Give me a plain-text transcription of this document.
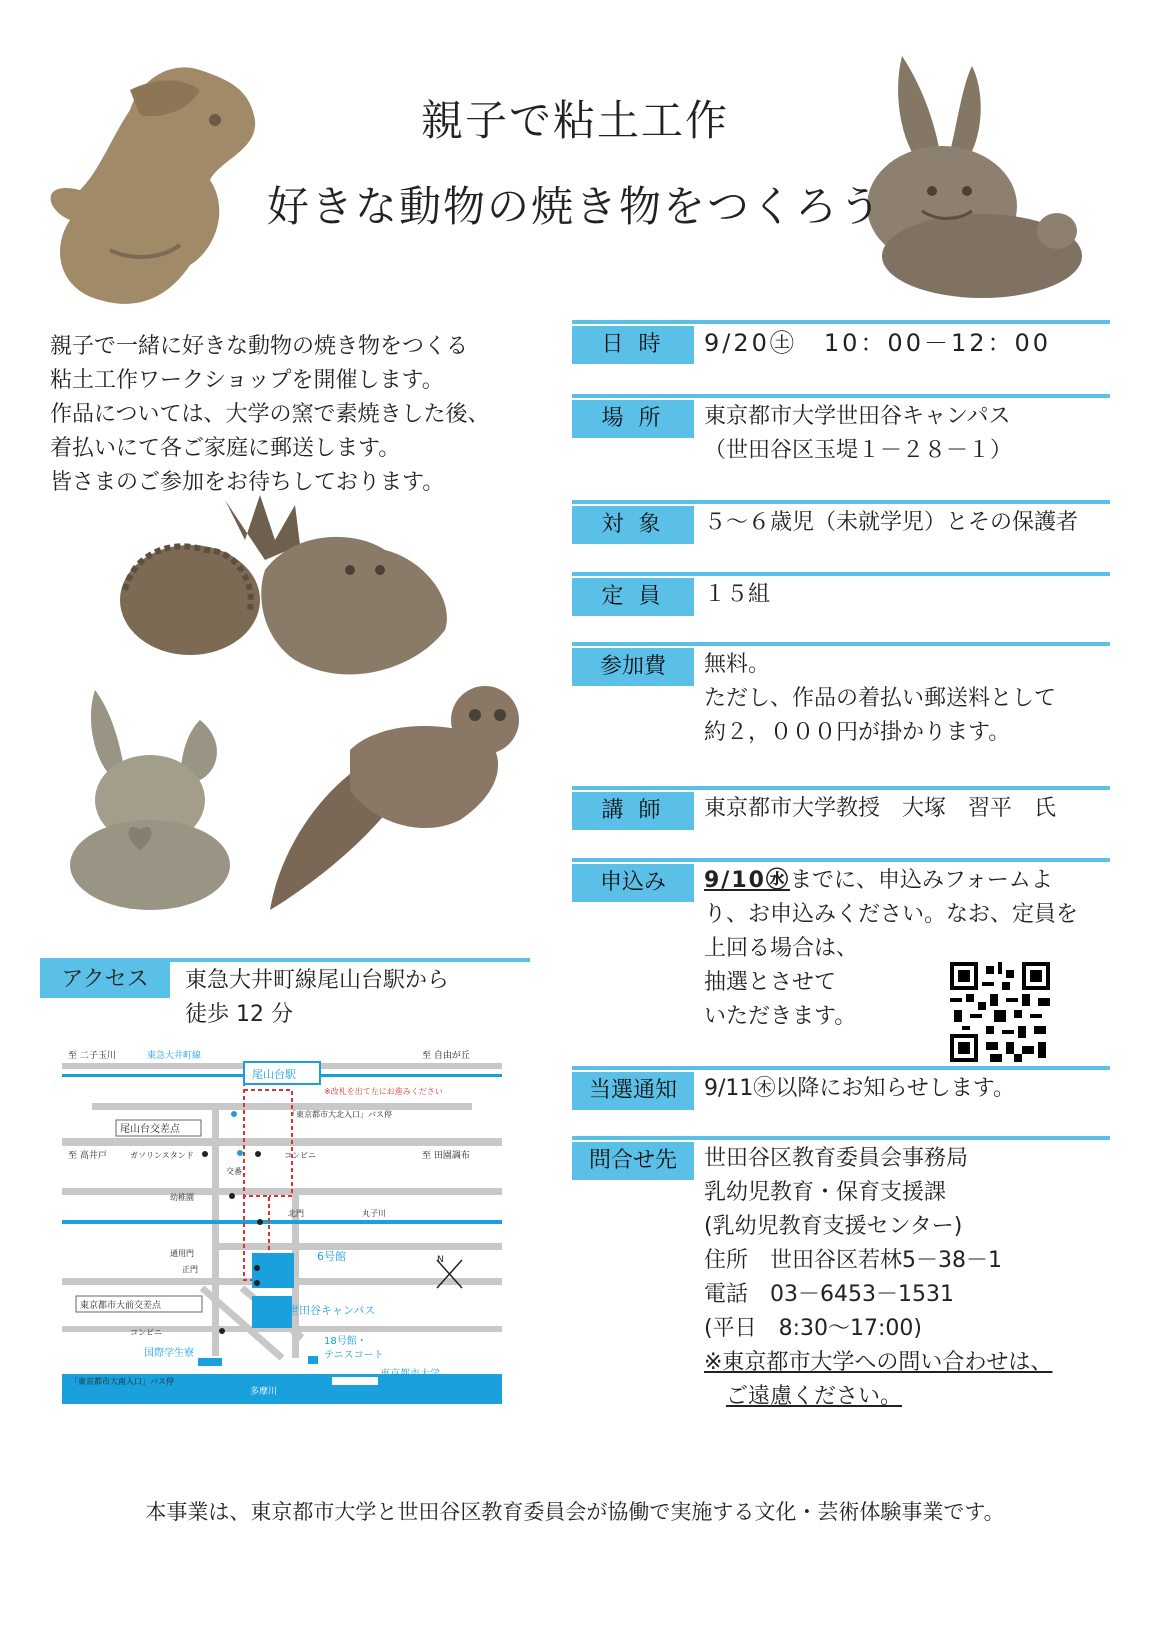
親子で粘土工作
好きな動物の焼き物をつくろう
親子で一緒に好きな動物の焼き物をつくる
粘土工作ワークショップを開催します。
作品については、大学の窯で素焼きした後、
着払いにて各ご家庭に郵送します。
皆さまのご参加をお待ちしております。
日 時	9/20㊏　10：00－12：00
場 所	東京都市大学世田谷キャンパス
（世田谷区玉堤１－２８－１）
対 象	５～６歳児（未就学児）とその保護者
定 員	１５組
参加費	無料。
ただし、作品の着払い郵送料として
約２，０００円が掛かります。
講 師	東京都市大学教授　大塚　習平　氏
申込み	9/10㊌までに、申込みフォームよ
り、お申込みください。なお、定員を
上回る場合は、
抽選とさせて
いただきます。
当選通知	9/11㊍以降にお知らせします。
問合せ先	世田谷区教育委員会事務局
乳幼児教育・保育支援課
(乳幼児教育支援センター)
住所　世田谷区若林5－38－1
電話　03－6453－1531
(平日　8:30～17:00)
※東京都市大学への問い合わせは、
ご遠慮ください。
アクセス	東急大井町線尾山台駅から
徒歩 12 分
至 二子玉川	東急大井町線
尾山台駅
至 自由が丘
※改札を出て左にお進みください
尾山台交差点
「東京都市大北入口」バス停
至 高井戸	ガソリンスタンド	コンビニ	至 田園調布
交番
幼稚園
北門	丸子川
通用門
正門
6号館
東京都市大前交差点	世田谷キャンパス
コンビニ
国際学生寮
18号館・
テニスコート
「東京都市大南入口」バス停
東京都市大学
グラウンド
多摩川
N
本事業は、東京都市大学と世田谷区教育委員会が協働で実施する文化・芸術体験事業です。
